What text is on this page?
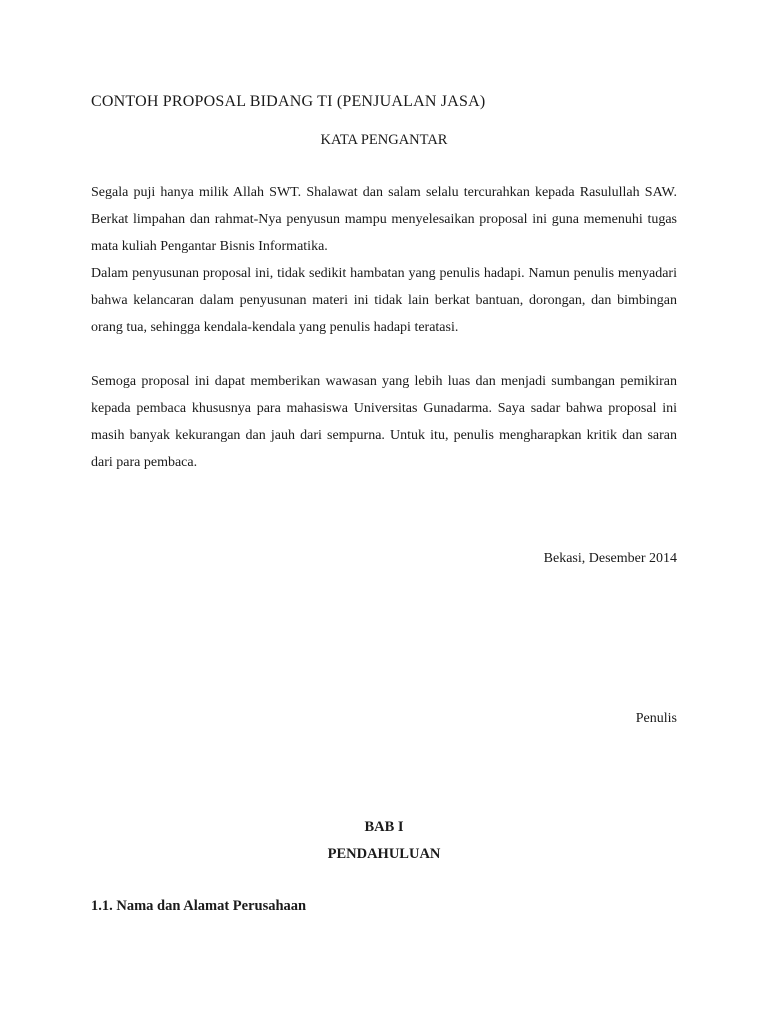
CONTOH PROPOSAL BIDANG TI (PENJUALAN JASA)
KATA PENGANTAR

Segala puji hanya milik Allah SWT. Shalawat dan salam selalu tercurahkan kepada Rasulullah SAW. Berkat limpahan dan rahmat-Nya penyusun mampu menyelesaikan proposal ini guna memenuhi tugas mata kuliah Pengantar Bisnis Informatika.

Dalam penyusunan proposal ini, tidak sedikit hambatan yang penulis hadapi. Namun penulis menyadari bahwa kelancaran dalam penyusunan materi ini tidak lain berkat bantuan, dorongan, dan bimbingan orang tua, sehingga kendala-kendala yang penulis hadapi teratasi.

Semoga proposal ini dapat memberikan wawasan yang lebih luas dan menjadi sumbangan pemikiran kepada pembaca khususnya para mahasiswa Universitas Gunadarma. Saya sadar bahwa proposal ini masih banyak kekurangan dan jauh dari sempurna. Untuk itu, penulis mengharapkan kritik dan saran dari para pembaca.

Bekasi, Desember 2014

Penulis

BAB I
PENDAHULUAN
1.1. Nama dan Alamat Perusahaan
